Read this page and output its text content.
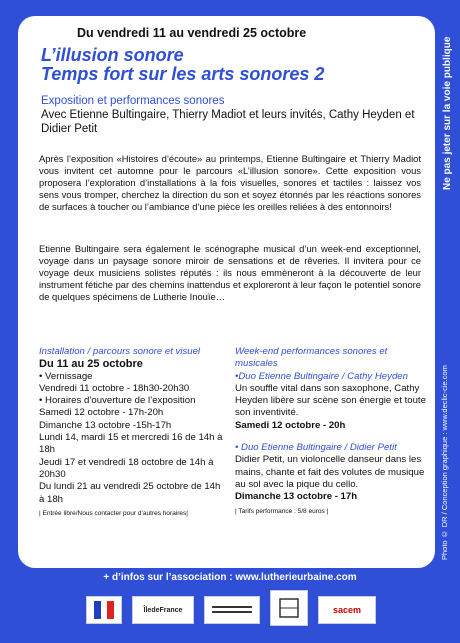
Ne pas jeter sur la voie publique
Photo © DR / Conception graphique : www.declic-cie.com
Du vendredi 11 au vendredi 25 octobre
L’illusion sonore
Temps fort sur les arts sonores 2
Exposition et performances sonores
Avec Etienne Bultingaire, Thierry Madiot et leurs invités, Cathy Heyden et Didier Petit

Après l’exposition «Histoires d’écoute» au printemps, Etienne Bultingaire et Thierry Madiot vous invitent cet automne pour le parcours «L’illusion sonore». Cette exposition vous proposera l’exploration d’installations à la fois visuelles, sonores et tactiles : laissez vos sens vous tromper, cherchez la direction du son et soyez étonnés par les réactions sonores de surfaces à toucher ou l’ambiance d’une pièce les oreilles reliées à des entonnoirs!

Etienne Bultingaire sera également le scénographe musical d’un week-end exceptionnel, voyage dans un paysage sonore miroir de sensations et de rêveries. Il invitera pour ce voyage deux musiciens solistes réputés : ils nous emmèneront à la découverte de leur instrument fétiche par des chemins inattendus et exploreront à leur façon le potentiel sonore de quelques spécimens de Lutherie Inouïe…

Installation / parcours sonore et visuel
Du 11 au 25 octobre
• Vernissage
Vendredi 11 octobre - 18h30-20h30
• Horaires d’ouverture de l’exposition
Samedi 12 octobre - 17h-20h
Dimanche 13 octobre -15h-17h
Lundi 14, mardi 15 et mercredi 16 de 14h à 18h
Jeudi 17 et vendredi 18 octobre de 14h à 20h30
Du lundi 21 au vendredi 25 octobre de 14h à 18h
| Entrée libre/Nous contacter pour d’autres horaires|
Week-end performances sonores et musicales
•Duo Etienne Bultingaire / Cathy Heyden
Un souffle vital dans son saxophone, Cathy Heyden libère sur scène son énergie et toute son inventivité.
Samedi 12 octobre - 20h
• Duo Etienne Bultingaire / Didier Petit
Didier Petit, un violoncelle danseur dans les mains, chante et fait des volutes de musique au sol avec la pique du cello.
Dimanche 13 octobre - 17h
| Tarifs performance : 5/8 euros |
+ d’infos sur l’association : www.lutherieurbaine.com
ÎledeFrance	sacem
